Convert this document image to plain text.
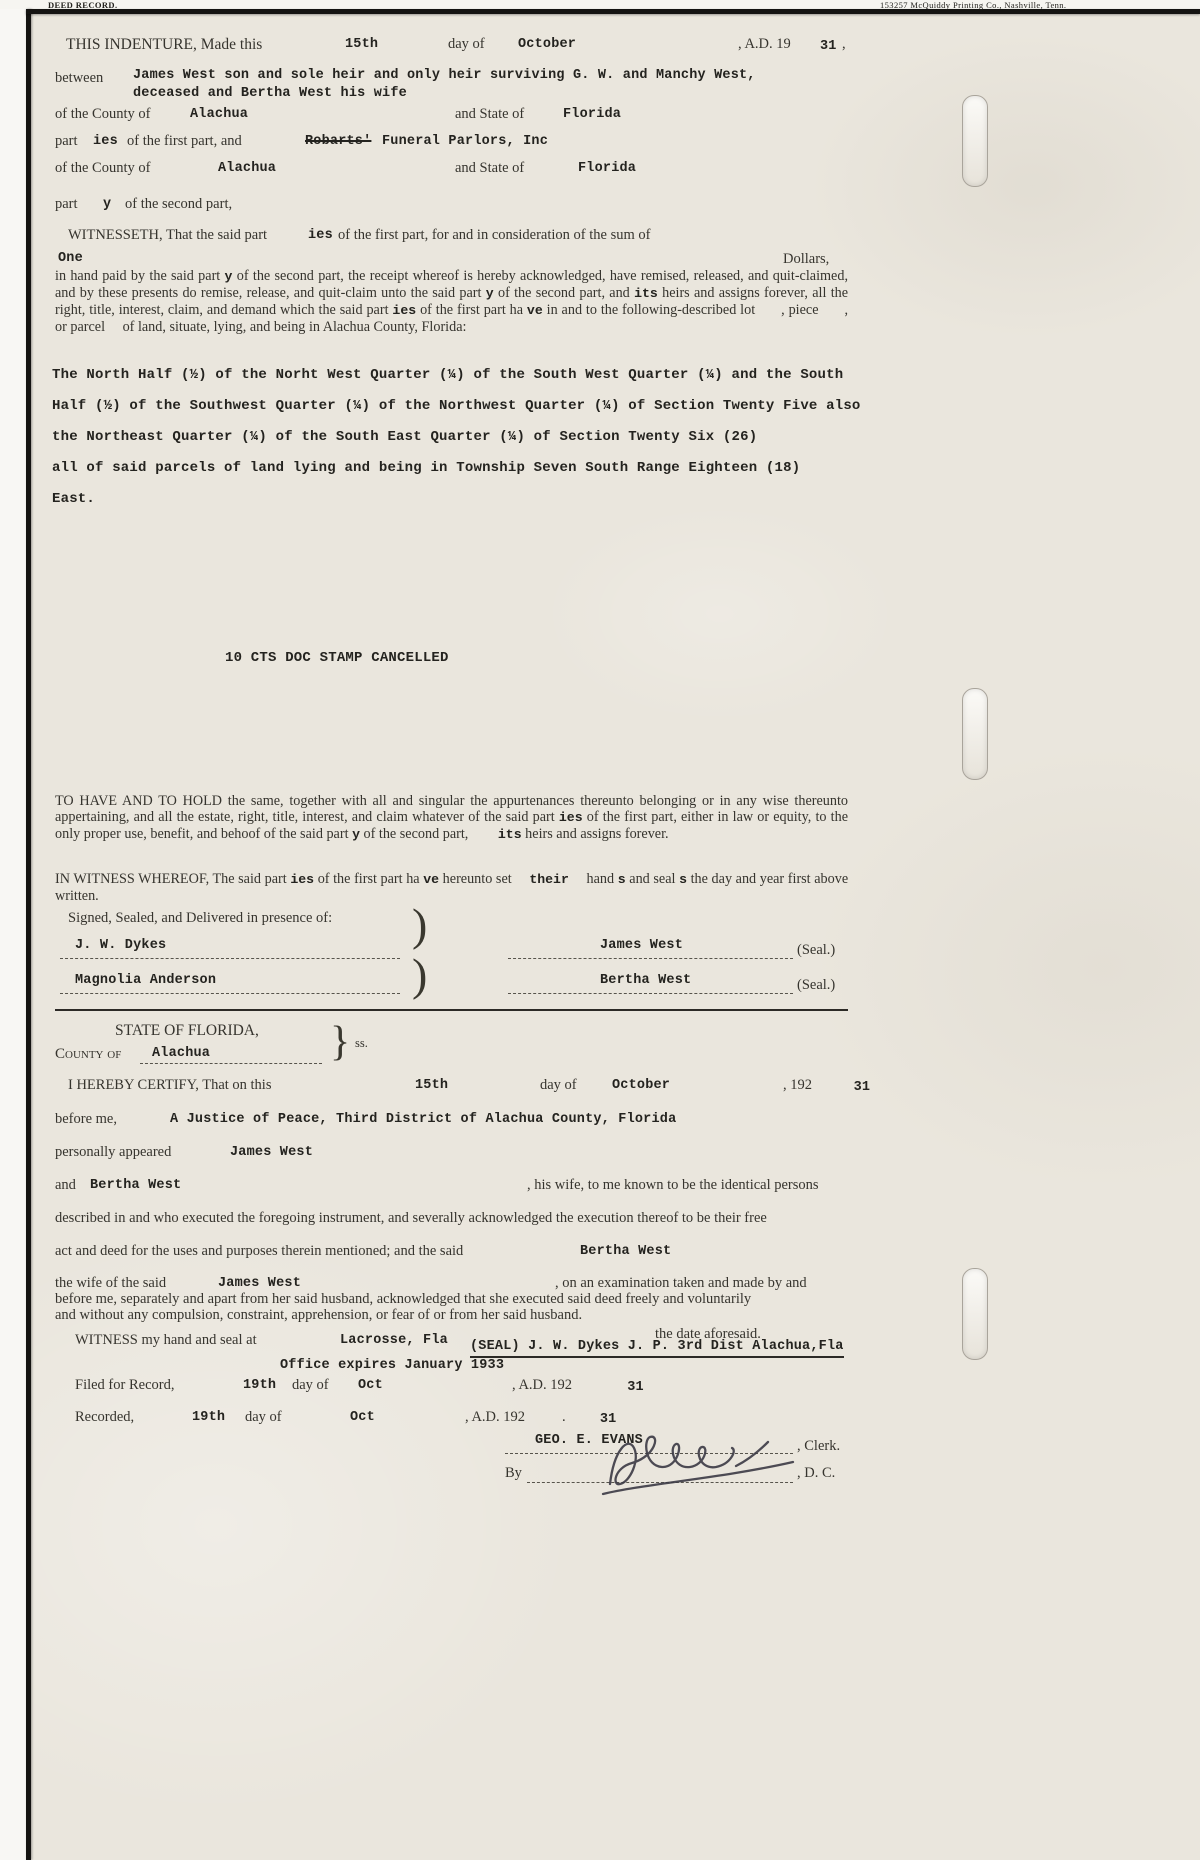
DEED RECORD.	153257 McQuiddy Printing Co., Nashville, Tenn.
THIS INDENTURE, Made this	15th	day of October	, A.D. 19 $_{31}$ ,
between James West son and sole heir and only heir surviving G. W. and Manchy West,
deceased and Bertha West his wife
of the County of	Alachua	and State of	Florida
part ies of the first part, and	Robarts' Funeral Parlors, Inc
of the County of	Alachua	and State of	Florida
part y of the second part,
WITNESSETH, That the said part	ies of the first part, for and in consideration of the sum of
One	Dollars,
in hand paid by the said part y of the second part, the receipt whereof is hereby acknowledged, have remised, released, and quit-claimed, and by these presents do remise, release, and quit-claim unto the said part y of the second part, and its heirs and assigns forever, all the right, title, interest, claim, and demand which the said part ies of the first part ha ve in and to the following-described lot , piece , or parcel of land, situate, lying, and being in Alachua County, Florida:
The North Half (½) of the Norht West Quarter (¼) of the South West Quarter (¼) and the South
Half (½) of the Southwest Quarter (¼) of the Northwest Quarter (¼) of Section Twenty Five also
the Northeast Quarter (¼) of the South East Quarter (¼) of Section Twenty Six (26)
all of said parcels of land lying and being in Township Seven South Range Eighteen (18)
East.
10 CTS DOC STAMP CANCELLED
TO HAVE AND TO HOLD the same, together with all and singular the appurtenances thereunto belonging or in any wise thereunto appertaining, and all the estate, right, title, interest, and claim whatever of the said part ies of the first part, either in law or equity, to the only proper use, benefit, and behoof of the said part y of the second part, its heirs and assigns forever.
IN WITNESS WHEREOF, The said part ies of the first part ha ve hereunto set their hand s and seal s the day and year first above written.
Signed, Sealed, and Delivered in presence of: )
)
J. W. Dykes	James West	(Seal.)
Magnolia Anderson	Bertha West	(Seal.)
STATE OF FLORIDA, } ss.
County of Alachua
I HEREBY CERTIFY, That on this	15th	day of	October	, 192	$_{31}$
before me,	A Justice of Peace, Third District of Alachua County, Florida
personally appeared	James West
and Bertha West	, his wife, to me known to be the identical persons
described in and who executed the foregoing instrument, and severally acknowledged the execution thereof to be their free
act and deed for the uses and purposes therein mentioned; and the said	Bertha West
the wife of the said	James West	, on an examination taken and made by and
before me, separately and apart from her said husband, acknowledged that she executed said deed freely and voluntarily
and without any compulsion, constraint, apprehension, or fear of or from her said husband.
WITNESS my hand and seal at	Lacrosse, Fla	the date aforesaid.
(SEAL) J. W. Dykes J. P. 3rd Dist Alachua,Fla
Office expires January 1933
Filed for Record,	19th day of Oct	, A.D. 192	$_{31}$
Recorded,	19th day of	Oct	, A.D. 192	$_{31}$
.
GEO. E. EVANS	, Clerk.
By	, D. C.
